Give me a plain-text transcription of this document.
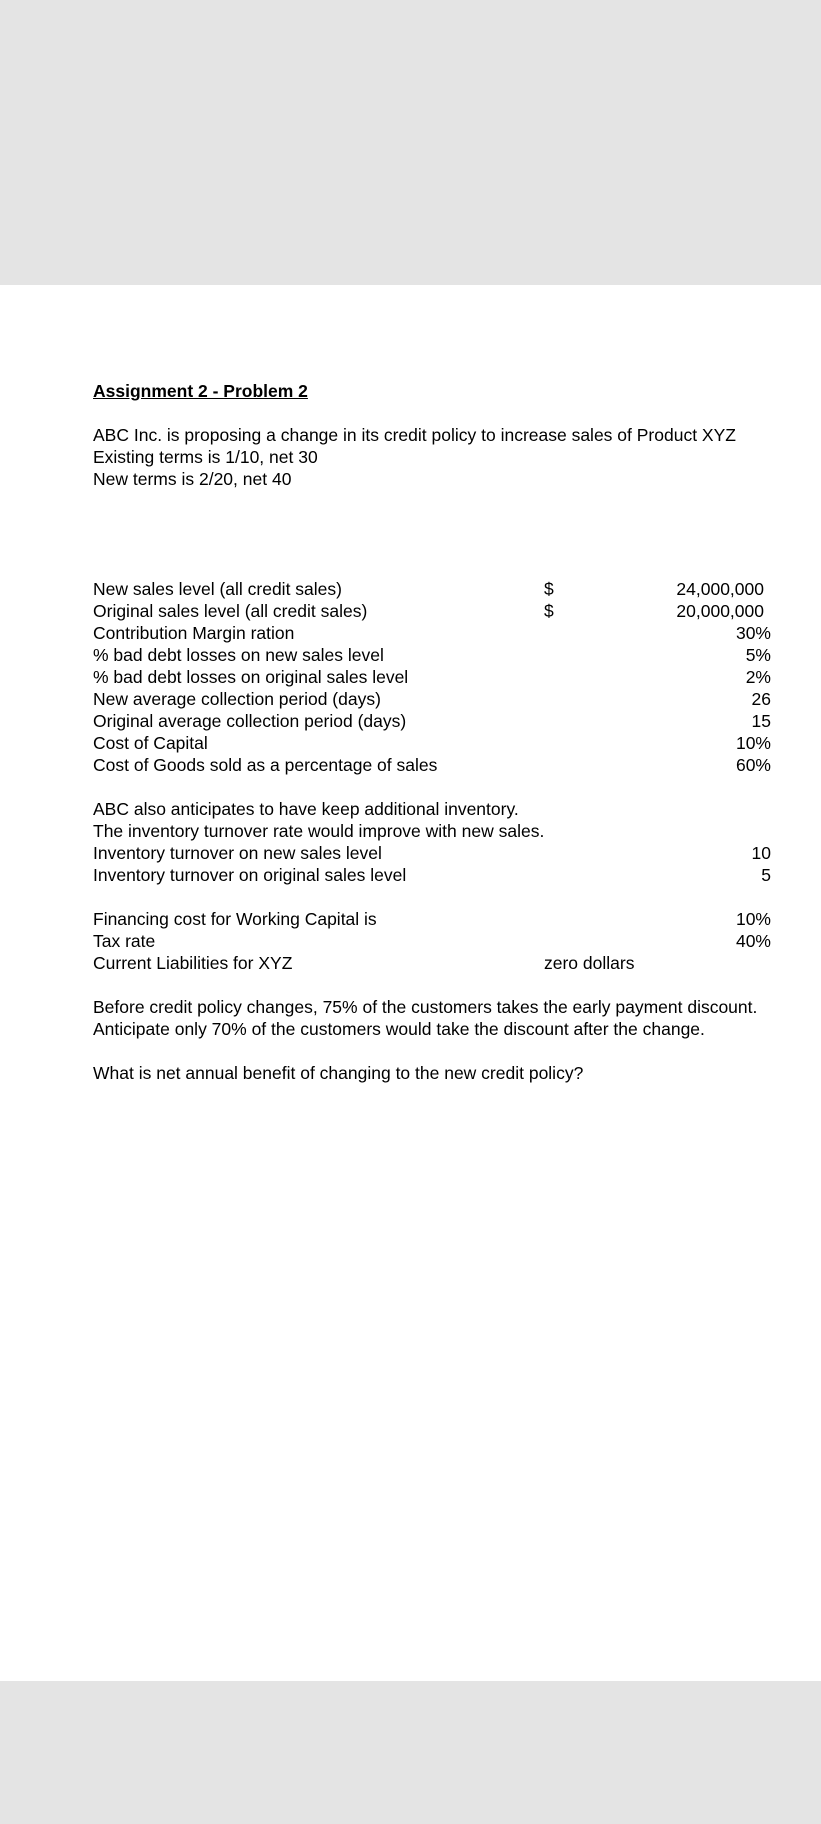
Assignment 2 - Problem 2

ABC Inc. is proposing a change in its credit policy to increase sales of Product XYZ
Existing terms is 1/10, net 30
New terms is 2/20, net 40
New sales level (all credit sales)	$	24,000,000
Original sales level (all credit sales)	$	20,000,000
Contribution Margin ration	30%
% bad debt losses on new sales level	5%
% bad debt losses on original sales level	2%
New average collection period (days)	26
Original average collection period (days)	15
Cost of Capital	10%
Cost of Goods sold as a percentage of sales	60%
ABC also anticipates to have keep additional inventory.
The inventory turnover rate would improve with new sales.
Inventory turnover on new sales level	10
Inventory turnover on original sales level	5
Financing cost for Working Capital is	10%
Tax rate	40%
Current Liabilities for XYZ	zero dollars
Before credit policy changes, 75% of the customers takes the early payment discount.
Anticipate only 70% of the customers would take the discount after the change.
What is net annual benefit of changing to the new credit policy?
